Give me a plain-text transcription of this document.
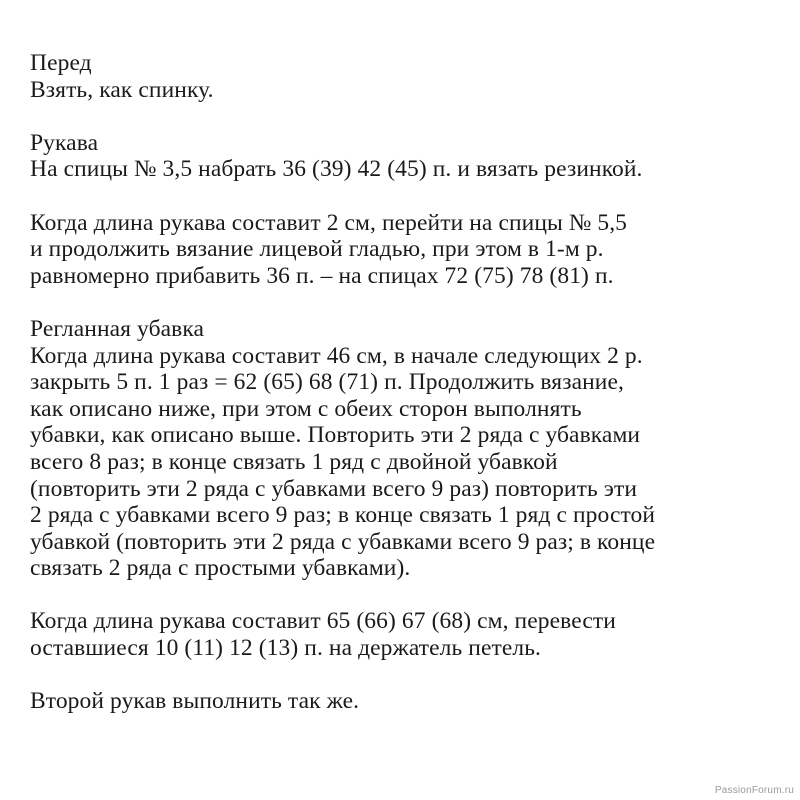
Перед
Взять, как спинку.
Рукава
На спицы № 3,5 набрать 36 (39) 42 (45) п. и вязать резинкой.
Когда длина рукава составит 2 см, перейти на спицы № 5,5
и продолжить вязание лицевой гладью, при этом в 1-м р.
равномерно прибавить 36 п. – на спицах 72 (75) 78 (81) п.
Регланная убавка
Когда длина рукава составит 46 см, в начале следующих 2 р.
закрыть 5 п. 1 раз = 62 (65) 68 (71) п. Продолжить вязание,
как описано ниже, при этом с обеих сторон выполнять
убавки, как описано выше. Повторить эти 2 ряда с убавками
всего 8 раз; в конце связать 1 ряд с двойной убавкой
(повторить эти 2 ряда с убавками всего 9 раз) повторить эти
2 ряда с убавками всего 9 раз; в конце связать 1 ряд с простой
убавкой (повторить эти 2 ряда с убавками всего 9 раз; в конце
связать 2 ряда с простыми убавками).
Когда длина рукава составит 65 (66) 67 (68) см, перевести
оставшиеся 10 (11) 12 (13) п. на держатель петель.
Второй рукав выполнить так же.
PassionForum.ru
